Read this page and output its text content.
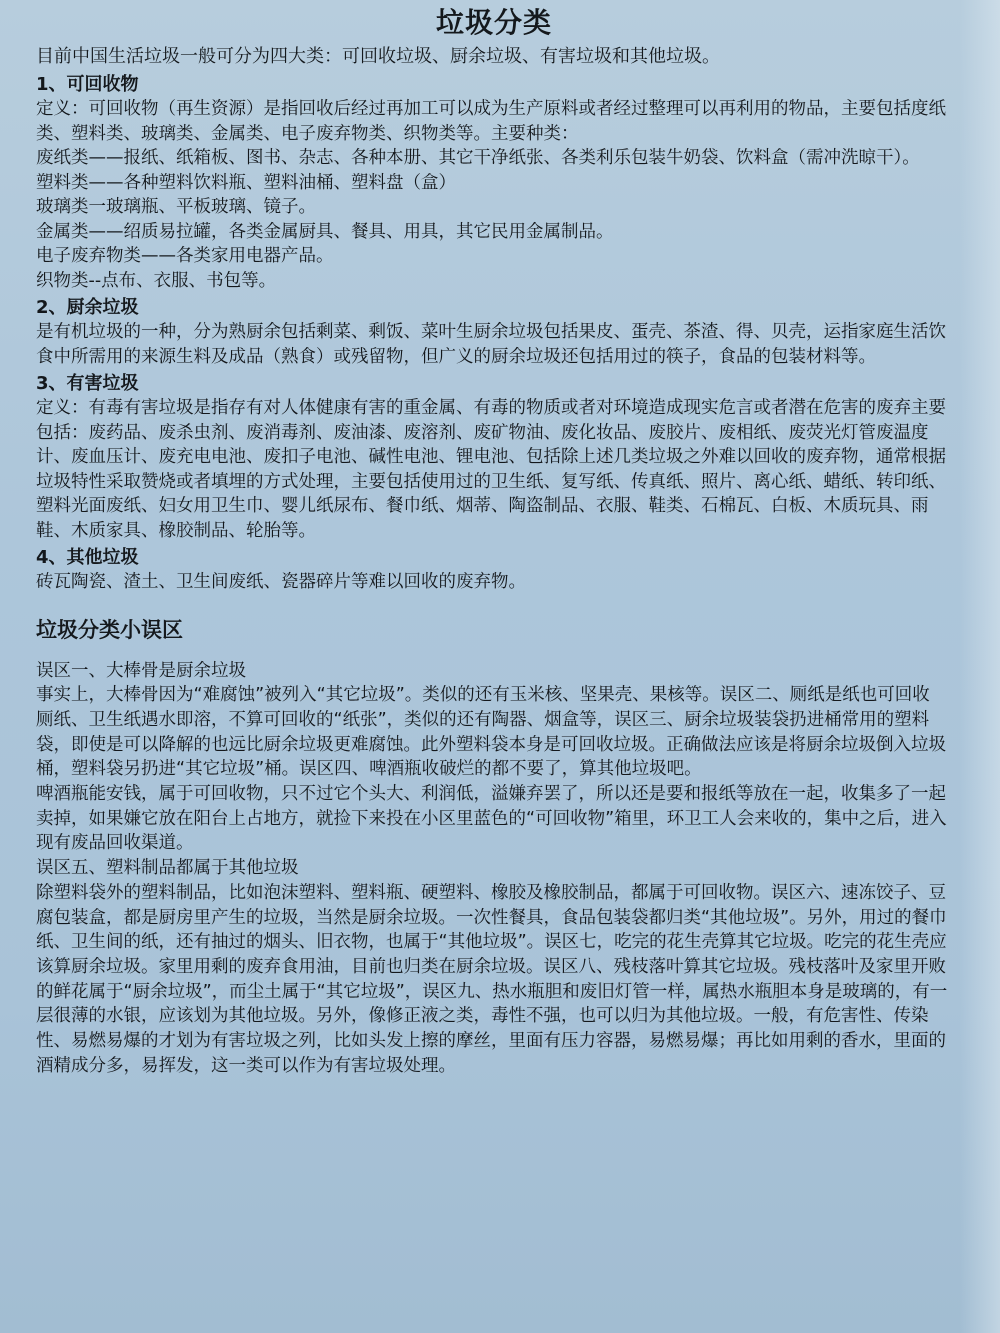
垃圾分类

目前中国生活垃圾一般可分为四大类：可回收垃圾、厨余垃圾、有害垃圾和其他垃圾。

1、可回收物

定义：可回收物（再生资源）是指回收后经过再加工可以成为生产原料或者经过整理可以再利用的物品，主要包括度纸类、塑料类、玻璃类、金属类、电子废弃物类、织物类等。主要种类：

废纸类——报纸、纸箱板、图书、杂志、各种本册、其它干净纸张、各类利乐包装牛奶袋、饮料盒（需冲洗晾干）。

塑料类——各种塑料饮料瓶、塑料油桶、塑料盘（盒）

玻璃类一玻璃瓶、平板玻璃、镜子。

金属类——绍质易拉罐，各类金属厨具、餐具、用具，其它民用金属制品。

电子废弃物类——各类家用电器产品。

织物类--点布、衣服、书包等。

2、厨余垃圾

是有机垃圾的一种，分为熟厨余包括剩菜、剩饭、菜叶生厨余垃圾包括果皮、蛋壳、茶渣、得、贝壳，运指家庭生活饮食中所需用的来源生料及成品（熟食）或残留物，但广义的厨余垃圾还包括用过的筷子，食品的包装材料等。

3、有害垃圾

定义：有毒有害垃圾是指存有对人体健康有害的重金属、有毒的物质或者对环境造成现实危言或者潜在危害的废弃主要包括：废药品、废杀虫剂、废消毒剂、废油漆、废溶剂、废矿物油、废化妆品、废胶片、废相纸、废荧光灯管废温度计、废血压计、废充电电池、废扣子电池、碱性电池、锂电池、包括除上述几类垃圾之外难以回收的废弃物，通常根据垃圾特性采取赞烧或者填埋的方式处理，主要包括使用过的卫生纸、复写纸、传真纸、照片、离心纸、蜡纸、转印纸、塑料光面废纸、妇女用卫生巾、婴儿纸尿布、餐巾纸、烟蒂、陶盗制品、衣服、鞋类、石棉瓦、白板、木质玩具、雨鞋、木质家具、橡胶制品、轮胎等。

4、其他垃圾

砖瓦陶瓷、渣土、卫生间废纸、瓷器碎片等难以回收的废弃物。

垃圾分类小误区

误区一、大棒骨是厨余垃圾

事实上，大棒骨因为“难腐蚀”被列入“其它垃圾”。类似的还有玉米核、坚果壳、果核等。误区二、厕纸是纸也可回收

厕纸、卫生纸遇水即溶，不算可回收的“纸张”，类似的还有陶器、烟盒等，误区三、厨余垃圾装袋扔进桶常用的塑料袋，即使是可以降解的也远比厨余垃圾更难腐蚀。此外塑料袋本身是可回收垃圾。正确做法应该是将厨余垃圾倒入垃圾桶，塑料袋另扔进“其它垃圾”桶。误区四、啤酒瓶收破烂的都不要了，算其他垃圾吧。

啤酒瓶能安钱，属于可回收物，只不过它个头大、利润低，溢嫌弃罢了，所以还是要和报纸等放在一起，收集多了一起卖掉，如果嫌它放在阳台上占地方，就捡下来投在小区里蓝色的“可回收物”箱里，环卫工人会来收的，集中之后，进入现有废品回收渠道。

误区五、塑料制品都属于其他垃圾

除塑料袋外的塑料制品，比如泡沫塑料、塑料瓶、硬塑料、橡胶及橡胶制品，都属于可回收物。误区六、速冻饺子、豆腐包装盒，都是厨房里产生的垃圾，当然是厨余垃圾。一次性餐具，食品包装袋都归类“其他垃圾”。另外，用过的餐巾纸、卫生间的纸，还有抽过的烟头、旧衣物，也属于“其他垃圾”。误区七，吃完的花生壳算其它垃圾。吃完的花生壳应该算厨余垃圾。家里用剩的废弃食用油，目前也归类在厨余垃圾。误区八、残枝落叶算其它垃圾。残枝落叶及家里开败的鲜花属于“厨余垃圾”，而尘土属于“其它垃圾”，误区九、热水瓶胆和废旧灯管一样，属热水瓶胆本身是玻璃的，有一层很薄的水银，应该划为其他垃圾。另外，像修正液之类，毒性不强，也可以归为其他垃圾。一般，有危害性、传染性、易燃易爆的才划为有害垃圾之列，比如头发上擦的摩丝，里面有压力容器，易燃易爆；再比如用剩的香水，里面的酒精成分多，易挥发，这一类可以作为有害垃圾处理。
